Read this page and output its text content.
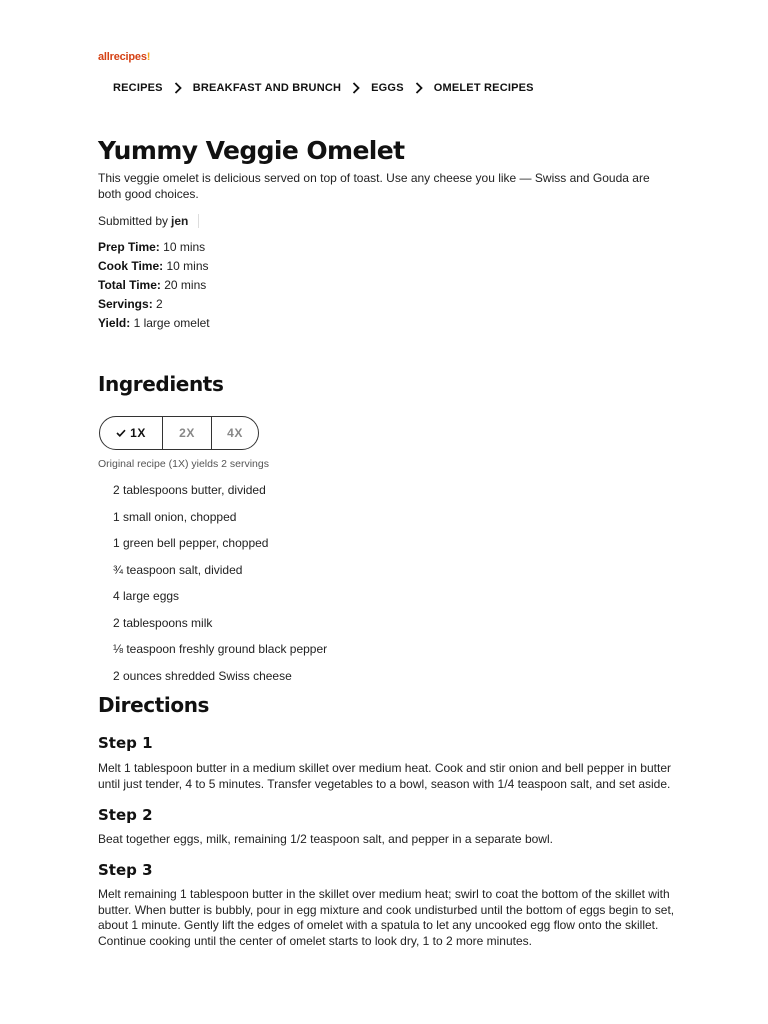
allrecipes!
RECIPES	BREAKFAST AND BRUNCH	EGGS	OMELET RECIPES
Yummy Veggie Omelet

This veggie omelet is delicious served on top of toast. Use any cheese you like — Swiss and Gouda are both good choices.

Submitted by jen
Prep Time: 10 mins
Cook Time: 10 mins
Total Time: 20 mins
Servings: 2
Yield: 1 large omelet
Ingredients
1X	2X	4X
Original recipe (1X) yields 2 servings
2 tablespoons butter, divided
1 small onion, chopped
1 green bell pepper, chopped
¾ teaspoon salt, divided
4 large eggs
2 tablespoons milk
⅛ teaspoon freshly ground black pepper
2 ounces shredded Swiss cheese
Directions
Step 1

Melt 1 tablespoon butter in a medium skillet over medium heat. Cook and stir onion and bell pepper in butter until just tender, 4 to 5 minutes. Transfer vegetables to a bowl, season with 1/4 teaspoon salt, and set aside.

Step 2

Beat together eggs, milk, remaining 1/2 teaspoon salt, and pepper in a separate bowl.

Step 3

Melt remaining 1 tablespoon butter in the skillet over medium heat; swirl to coat the bottom of the skillet with butter. When butter is bubbly, pour in egg mixture and cook undisturbed until the bottom of eggs begin to set, about 1 minute. Gently lift the edges of omelet with a spatula to let any uncooked egg flow onto the skillet. Continue cooking until the center of omelet starts to look dry, 1 to 2 more minutes.
